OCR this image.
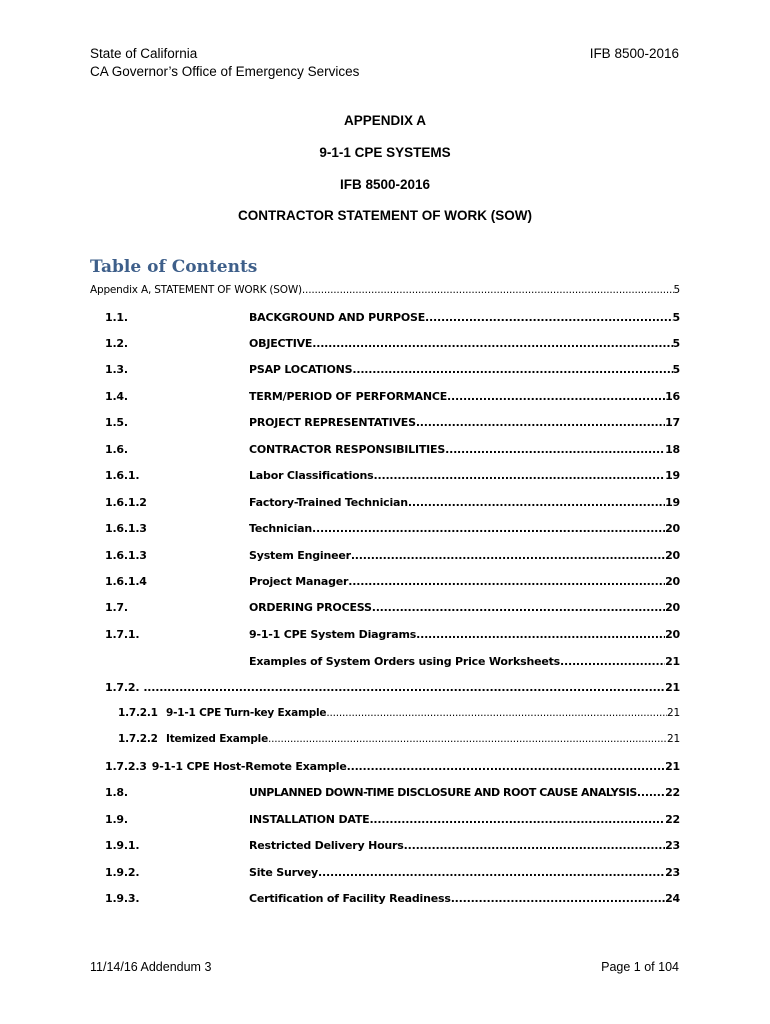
State of California
CA Governor’s Office of Emergency Services
IFB 8500-2016
APPENDIX A
9-1-1 CPE SYSTEMS
IFB 8500-2016
CONTRACTOR STATEMENT OF WORK (SOW)
Table of Contents
Appendix A, STATEMENT OF WORK (SOW) .....	5
1.1.	BACKGROUND AND PURPOSE .....	5
1.2.	OBJECTIVE .....	5
1.3.	PSAP LOCATIONS .....	5
1.4.	TERM/PERIOD OF PERFORMANCE .....	16
1.5.	PROJECT REPRESENTATIVES .....	17
1.6.	CONTRACTOR RESPONSIBILITIES .....	18
1.6.1.	Labor Classifications .....	19
1.6.1.2	Factory-Trained Technician .....	19
1.6.1.3	Technician .....	20
1.6.1.3	System Engineer .....	20
1.6.1.4	Project Manager .....	20
1.7.	ORDERING PROCESS .....	20
1.7.1.	9-1-1 CPE System Diagrams .....	20
Examples of System Orders using Price Worksheets .....	21
1.7.2. .....	21
1.7.2.1 9-1-1 CPE Turn-key Example .....	21
1.7.2.2 Itemized Example .....	21
1.7.2.3 9-1-1 CPE Host-Remote Example .....	21
1.8.	UNPLANNED DOWN-TIME DISCLOSURE AND ROOT CAUSE ANALYSIS .....	22
1.9.	INSTALLATION DATE .....	22
1.9.1.	Restricted Delivery Hours .....	23
1.9.2.	Site Survey .....	23
1.9.3.	Certification of Facility Readiness .....	24
11/14/16 Addendum 3	Page 1 of 104
